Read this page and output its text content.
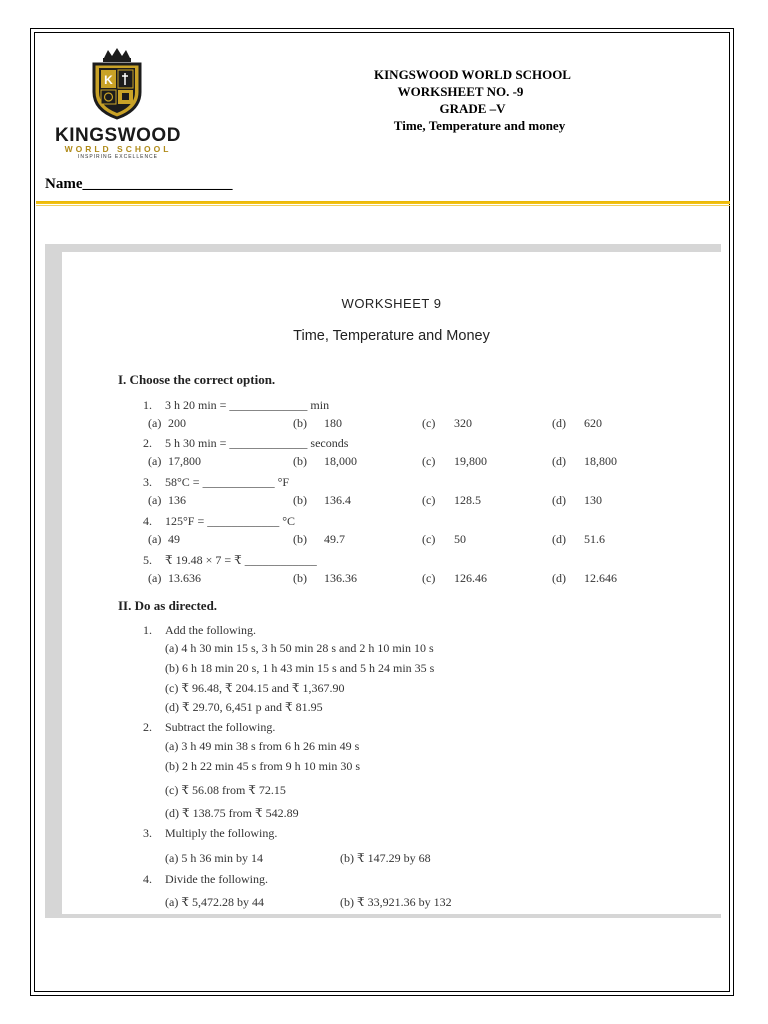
K
KINGSWOOD
WORLD SCHOOL
INSPIRING EXCELLENCE
KINGSWOOD WORLD SCHOOL
WORKSHEET NO. -9
GRADE –V
Time, Temperature and money
Name____________________
WORKSHEET 9
Time, Temperature and Money
I. Choose the correct option.
1. 3 h 20 min = _____________ min
(a) 200	(b) 180	(c) 320	(d) 620
2. 5 h 30 min = _____________ seconds
(a) 17,800	(b) 18,000	(c) 19,800	(d) 18,800
3. 58°C = ____________ °F
(a) 136	(b) 136.4	(c) 128.5	(d) 130
4. 125°F = ____________ °C
(a) 49	(b) 49.7	(c) 50	(d) 51.6
5. ₹ 19.48 × 7 = ₹ ____________
(a) 13.636	(b) 136.36	(c) 126.46	(d) 12.646
II. Do as directed.
1. Add the following.
(a) 4 h 30 min 15 s, 3 h 50 min 28 s and 2 h 10 min 10 s
(b) 6 h 18 min 20 s, 1 h 43 min 15 s and 5 h 24 min 35 s
(c) ₹ 96.48, ₹ 204.15 and ₹ 1,367.90
(d) ₹ 29.70, 6,451 p and ₹ 81.95
2. Subtract the following.
(a) 3 h 49 min 38 s from 6 h 26 min 49 s
(b) 2 h 22 min 45 s from 9 h 10 min 30 s
(c) ₹ 56.08 from ₹ 72.15
(d) ₹ 138.75 from ₹ 542.89
3. Multiply the following.
(a) 5 h 36 min by 14	(b) ₹ 147.29 by 68
4. Divide the following.
(a) ₹ 5,472.28 by 44	(b) ₹ 33,921.36 by 132
